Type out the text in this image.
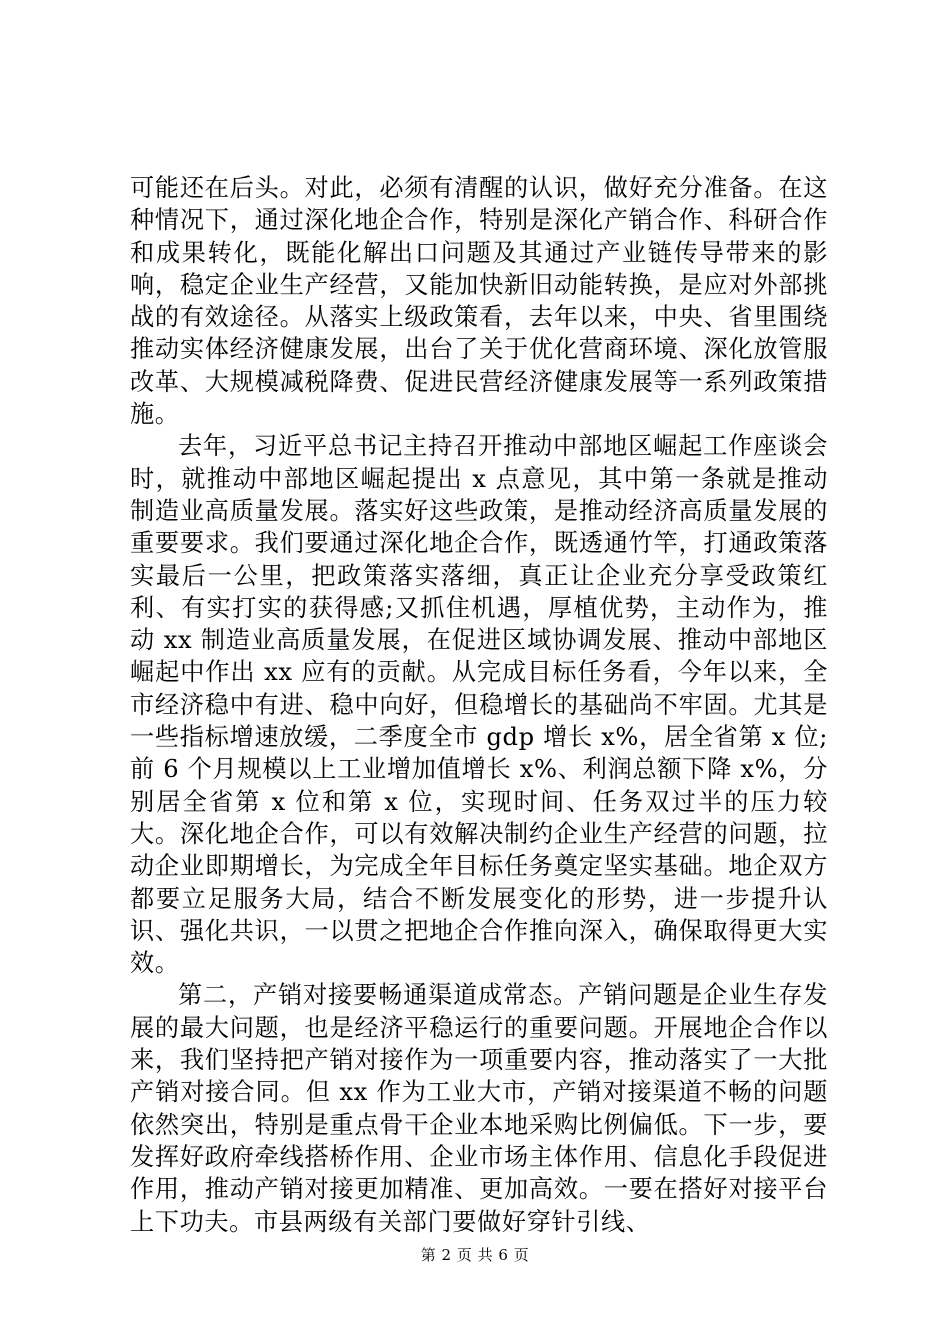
可能还在后头。对此，必须有清醒的认识，做好充分准备。在这种情况下，通过深化地企合作，特别是深化产销合作、科研合作和成果转化，既能化解出口问题及其通过产业链传导带来的影响，稳定企业生产经营，又能加快新旧动能转换，是应对外部挑战的有效途径。从落实上级政策看，去年以来，中央、省里围绕推动实体经济健康发展，出台了关于优化营商环境、深化放管服改革、大规模减税降费、促进民营经济健康发展等一系列政策措施。

去年，习近平总书记主持召开推动中部地区崛起工作座谈会时，就推动中部地区崛起提出 x 点意见，其中第一条就是推动制造业高质量发展。落实好这些政策，是推动经济高质量发展的重要要求。我们要通过深化地企合作，既透通竹竿，打通政策落实最后一公里，把政策落实落细，真正让企业充分享受政策红利、有实打实的获得感;又抓住机遇，厚植优势，主动作为，推动 xx 制造业高质量发展，在促进区域协调发展、推动中部地区崛起中作出 xx 应有的贡献。从完成目标任务看，今年以来，全市经济稳中有进、稳中向好，但稳增长的基础尚不牢固。尤其是一些指标增速放缓，二季度全市 gdp 增长 x%，居全省第 x 位;前 6 个月规模以上工业增加值增长 x%、利润总额下降 x%，分别居全省第 x 位和第 x 位，实现时间、任务双过半的压力较大。深化地企合作，可以有效解决制约企业生产经营的问题，拉动企业即期增长，为完成全年目标任务奠定坚实基础。地企双方都要立足服务大局，结合不断发展变化的形势，进一步提升认识、强化共识，一以贯之把地企合作推向深入，确保取得更大实效。

第二，产销对接要畅通渠道成常态。产销问题是企业生存发展的最大问题，也是经济平稳运行的重要问题。开展地企合作以来，我们坚持把产销对接作为一项重要内容，推动落实了一大批产销对接合同。但 xx 作为工业大市，产销对接渠道不畅的问题依然突出，特别是重点骨干企业本地采购比例偏低。下一步，要发挥好政府牵线搭桥作用、企业市场主体作用、信息化手段促进作用，推动产销对接更加精准、更加高效。一要在搭好对接平台上下功夫。市县两级有关部门要做好穿针引线、

第 2 页 共 6 页
